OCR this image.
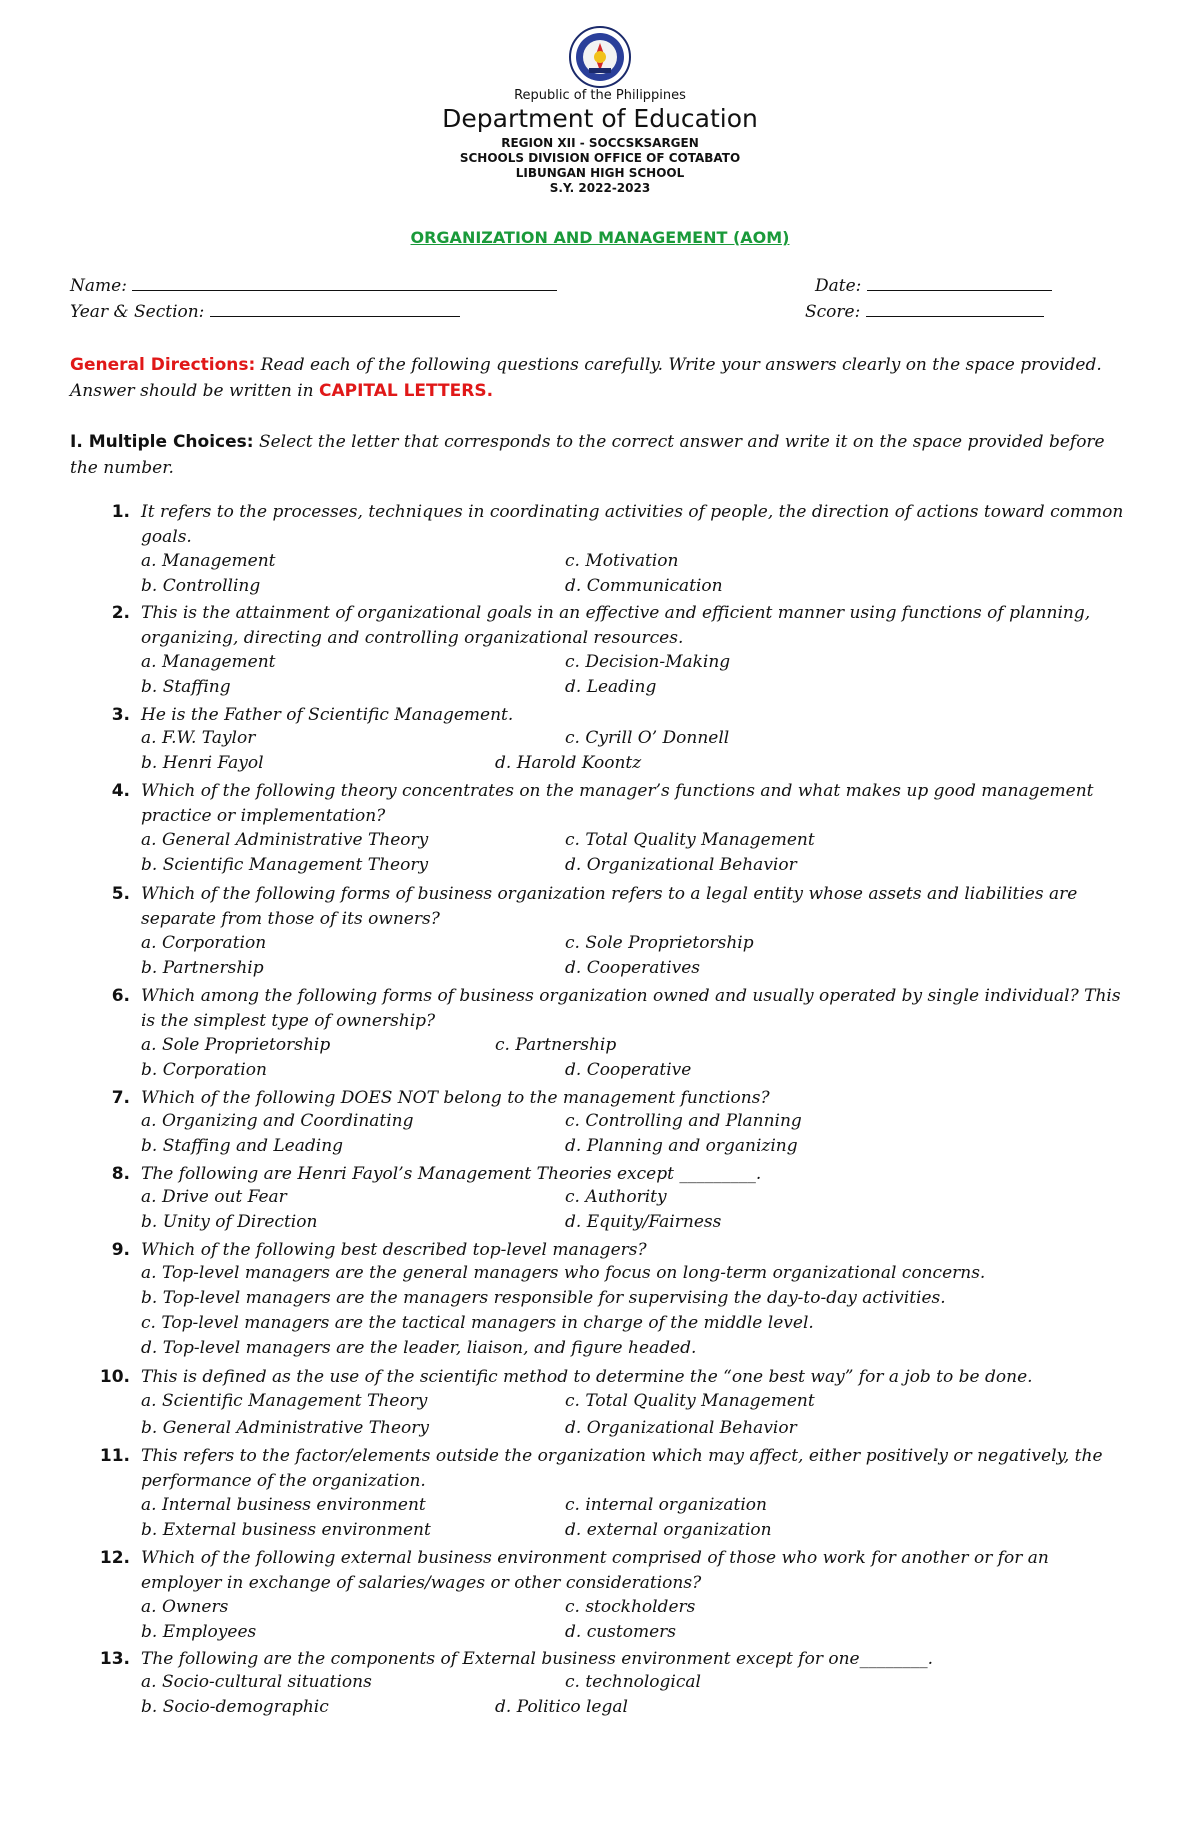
Republic of the Philippines
Department of Education
REGION XII - SOCCSKSARGEN
SCHOOLS DIVISION OFFICE OF COTABATO
LIBUNGAN HIGH SCHOOL
S.Y. 2022-2023
ORGANIZATION AND MANAGEMENT (AOM)
Name:	Date:
Year & Section:	Score:
General Directions: Read each of the following questions carefully. Write your answers clearly on the space provided. Answer should be written in CAPITAL LETTERS.
I. Multiple Choices: Select the letter that corresponds to the correct answer and write it on the space provided before the number.
1. It refers to the processes, techniques in coordinating activities of people, the direction of actions toward common goals.
a. Management	c. Motivation
b. Controlling	d. Communication
2. This is the attainment of organizational goals in an effective and efficient manner using functions of planning, organizing, directing and controlling organizational resources.
a. Management	c. Decision-Making
b. Staffing	d. Leading
3. He is the Father of Scientific Management.
a. F.W. Taylor	c. Cyrill O’ Donnell
b. Henri Fayol	d. Harold Koontz
4. Which of the following theory concentrates on the manager’s functions and what makes up good management practice or implementation?
a. General Administrative Theory	c. Total Quality Management
b. Scientific Management Theory	d. Organizational Behavior
5. Which of the following forms of business organization refers to a legal entity whose assets and liabilities are separate from those of its owners?
a. Corporation	c. Sole Proprietorship
b. Partnership	d. Cooperatives
6. Which among the following forms of business organization owned and usually operated by single individual? This is the simplest type of ownership?
a. Sole Proprietorship	c. Partnership
b. Corporation	d. Cooperative
7. Which of the following DOES NOT belong to the management functions?
a. Organizing and Coordinating	c. Controlling and Planning
b. Staffing and Leading	d. Planning and organizing
8. The following are Henri Fayol’s Management Theories except _________.
a. Drive out Fear	c. Authority
b. Unity of Direction	d. Equity/Fairness
9. Which of the following best described top-level managers?
a. Top-level managers are the general managers who focus on long-term organizational concerns.
b. Top-level managers are the managers responsible for supervising the day-to-day activities.
c. Top-level managers are the tactical managers in charge of the middle level.
d. Top-level managers are the leader, liaison, and figure headed.
10. This is defined as the use of the scientific method to determine the “one best way” for a job to be done.
a. Scientific Management Theory	c. Total Quality Management
b. General Administrative Theory	d. Organizational Behavior
11. This refers to the factor/elements outside the organization which may affect, either positively or negatively, the performance of the organization.
a. Internal business environment	c. internal organization
b. External business environment	d. external organization
12. Which of the following external business environment comprised of those who work for another or for an employer in exchange of salaries/wages or other considerations?
a. Owners	c. stockholders
b. Employees	d. customers
13. The following are the components of External business environment except for one________.
a. Socio-cultural situations	c. technological
b. Socio-demographic	d. Politico legal
